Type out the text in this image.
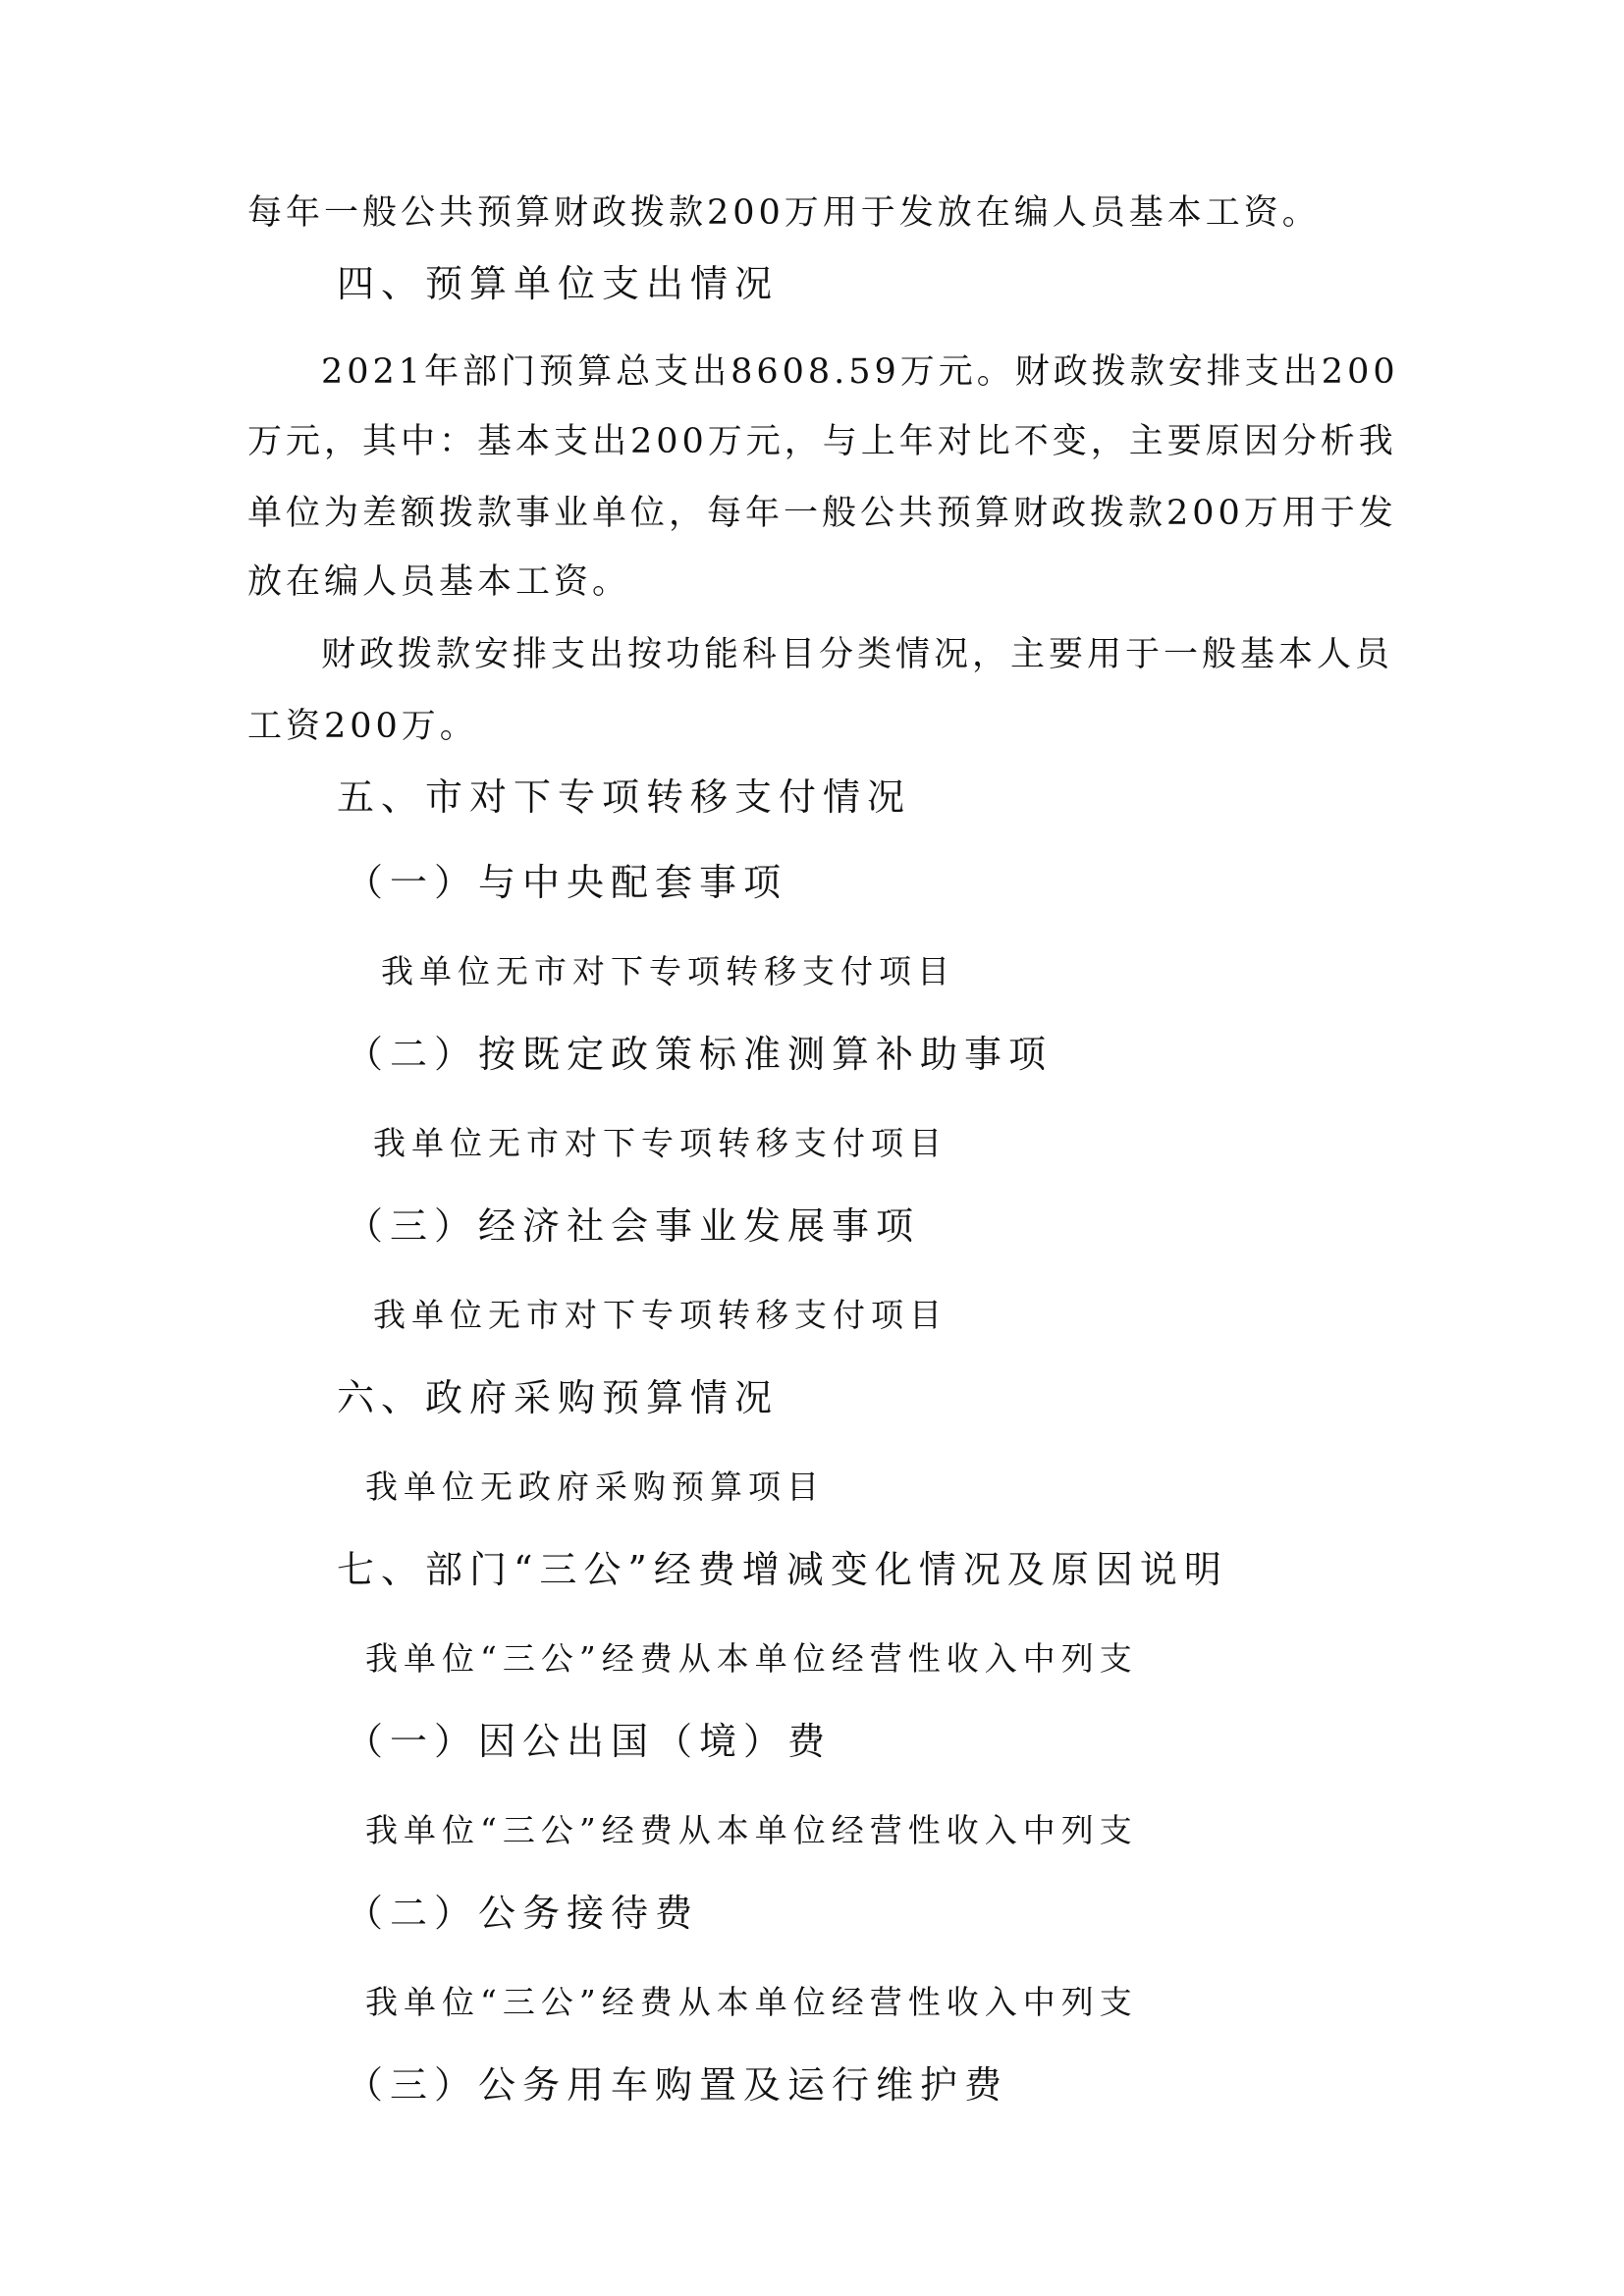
每年一般公共预算财政拨款200万用于发放在编人员基本工资。

四、预算单位支出情况

2021年部门预算总支出8608.59万元。财政拨款安排支出200

万元，其中：基本支出200万元，与上年对比不变，主要原因分析我

单位为差额拨款事业单位，每年一般公共预算财政拨款200万用于发

放在编人员基本工资。

财政拨款安排支出按功能科目分类情况，主要用于一般基本人员

工资200万。

五、市对下专项转移支付情况

（一）与中央配套事项

我单位无市对下专项转移支付项目

（二）按既定政策标准测算补助事项

我单位无市对下专项转移支付项目

（三）经济社会事业发展事项

我单位无市对下专项转移支付项目

六、政府采购预算情况

我单位无政府采购预算项目

七、部门“三公”经费增减变化情况及原因说明

我单位“三公”经费从本单位经营性收入中列支

（一）因公出国（境）费

我单位“三公”经费从本单位经营性收入中列支

（二）公务接待费

我单位“三公”经费从本单位经营性收入中列支

（三）公务用车购置及运行维护费
